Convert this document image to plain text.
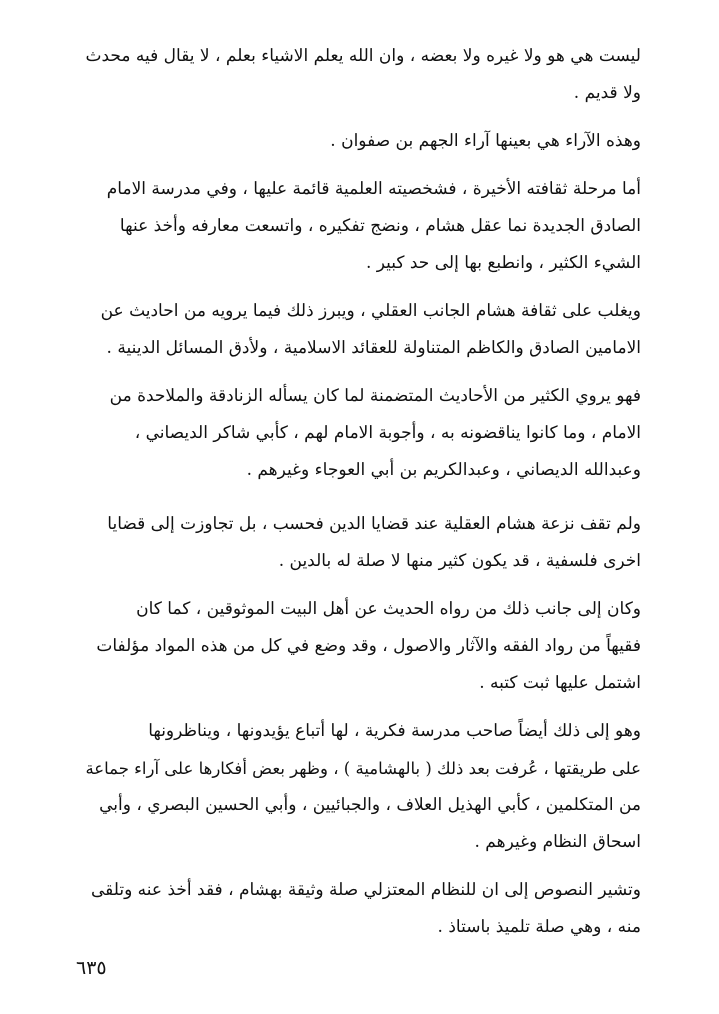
ليست هي هو ولا غيره ولا بعضه ، وان الله يعلم الاشياء بعلم ، لا يقال فيه محدث
ولا قديم .
وهذه الآراء هي بعينها آراء الجهم بن صفوان .
أما مرحلة ثقافته الأخيرة ، فشخصيته العلمية قائمة عليها ، وفي مدرسة الامام
الصادق الجديدة نما عقل هشام ، ونضج تفكيره ، واتسعت معارفه وأخذ عنها
الشيء الكثير ، وانطبع بها إلى حد كبير .
ويغلب على ثقافة هشام الجانب العقلي ، ويبرز ذلك فيما يرويه من احاديث عن
الامامين الصادق والكاظم المتناولة للعقائد الاسلامية ، ولأدق المسائل الدينية .
فهو يروي الكثير من الأحاديث المتضمنة لما كان يسأله الزنادقة والملاحدة من
الامام ، وما كانوا يناقضونه به ، وأجوبة الامام لهم ، كأبي شاكر الديصاني ،
وعبدالله الديصاني ، وعبدالكريم بن أبي العوجاء وغيرهم .
ولم تقف نزعة هشام العقلية عند قضايا الدين فحسب ، بل تجاوزت إلى قضايا
اخرى فلسفية ، قد يكون كثير منها لا صلة له بالدين .
وكان إلى جانب ذلك من رواه الحديث عن أهل البيت الموثوقين ، كما كان
فقيهاً من رواد الفقه والآثار والاصول ، وقد وضع في كل من هذه المواد مؤلفات
اشتمل عليها ثبت كتبه .
وهو إلى ذلك أيضاً صاحب مدرسة فكرية ، لها أتباع يؤيدونها ، ويناظرونها
على طريقتها ، عُرفت بعد ذلك ( بالهشامية ) ، وظهر بعض أفكارها على آراء جماعة
من المتكلمين ، كأبي الهذيل العلاف ، والجبائيين ، وأبي الحسين البصري ، وأبي
اسحاق النظام وغيرهم .
وتشير النصوص إلى ان للنظام المعتزلي صلة وثيقة بهشام ، فقد أخذ عنه وتلقى
منه ، وهي صلة تلميذ باستاذ .
٦٣٥
